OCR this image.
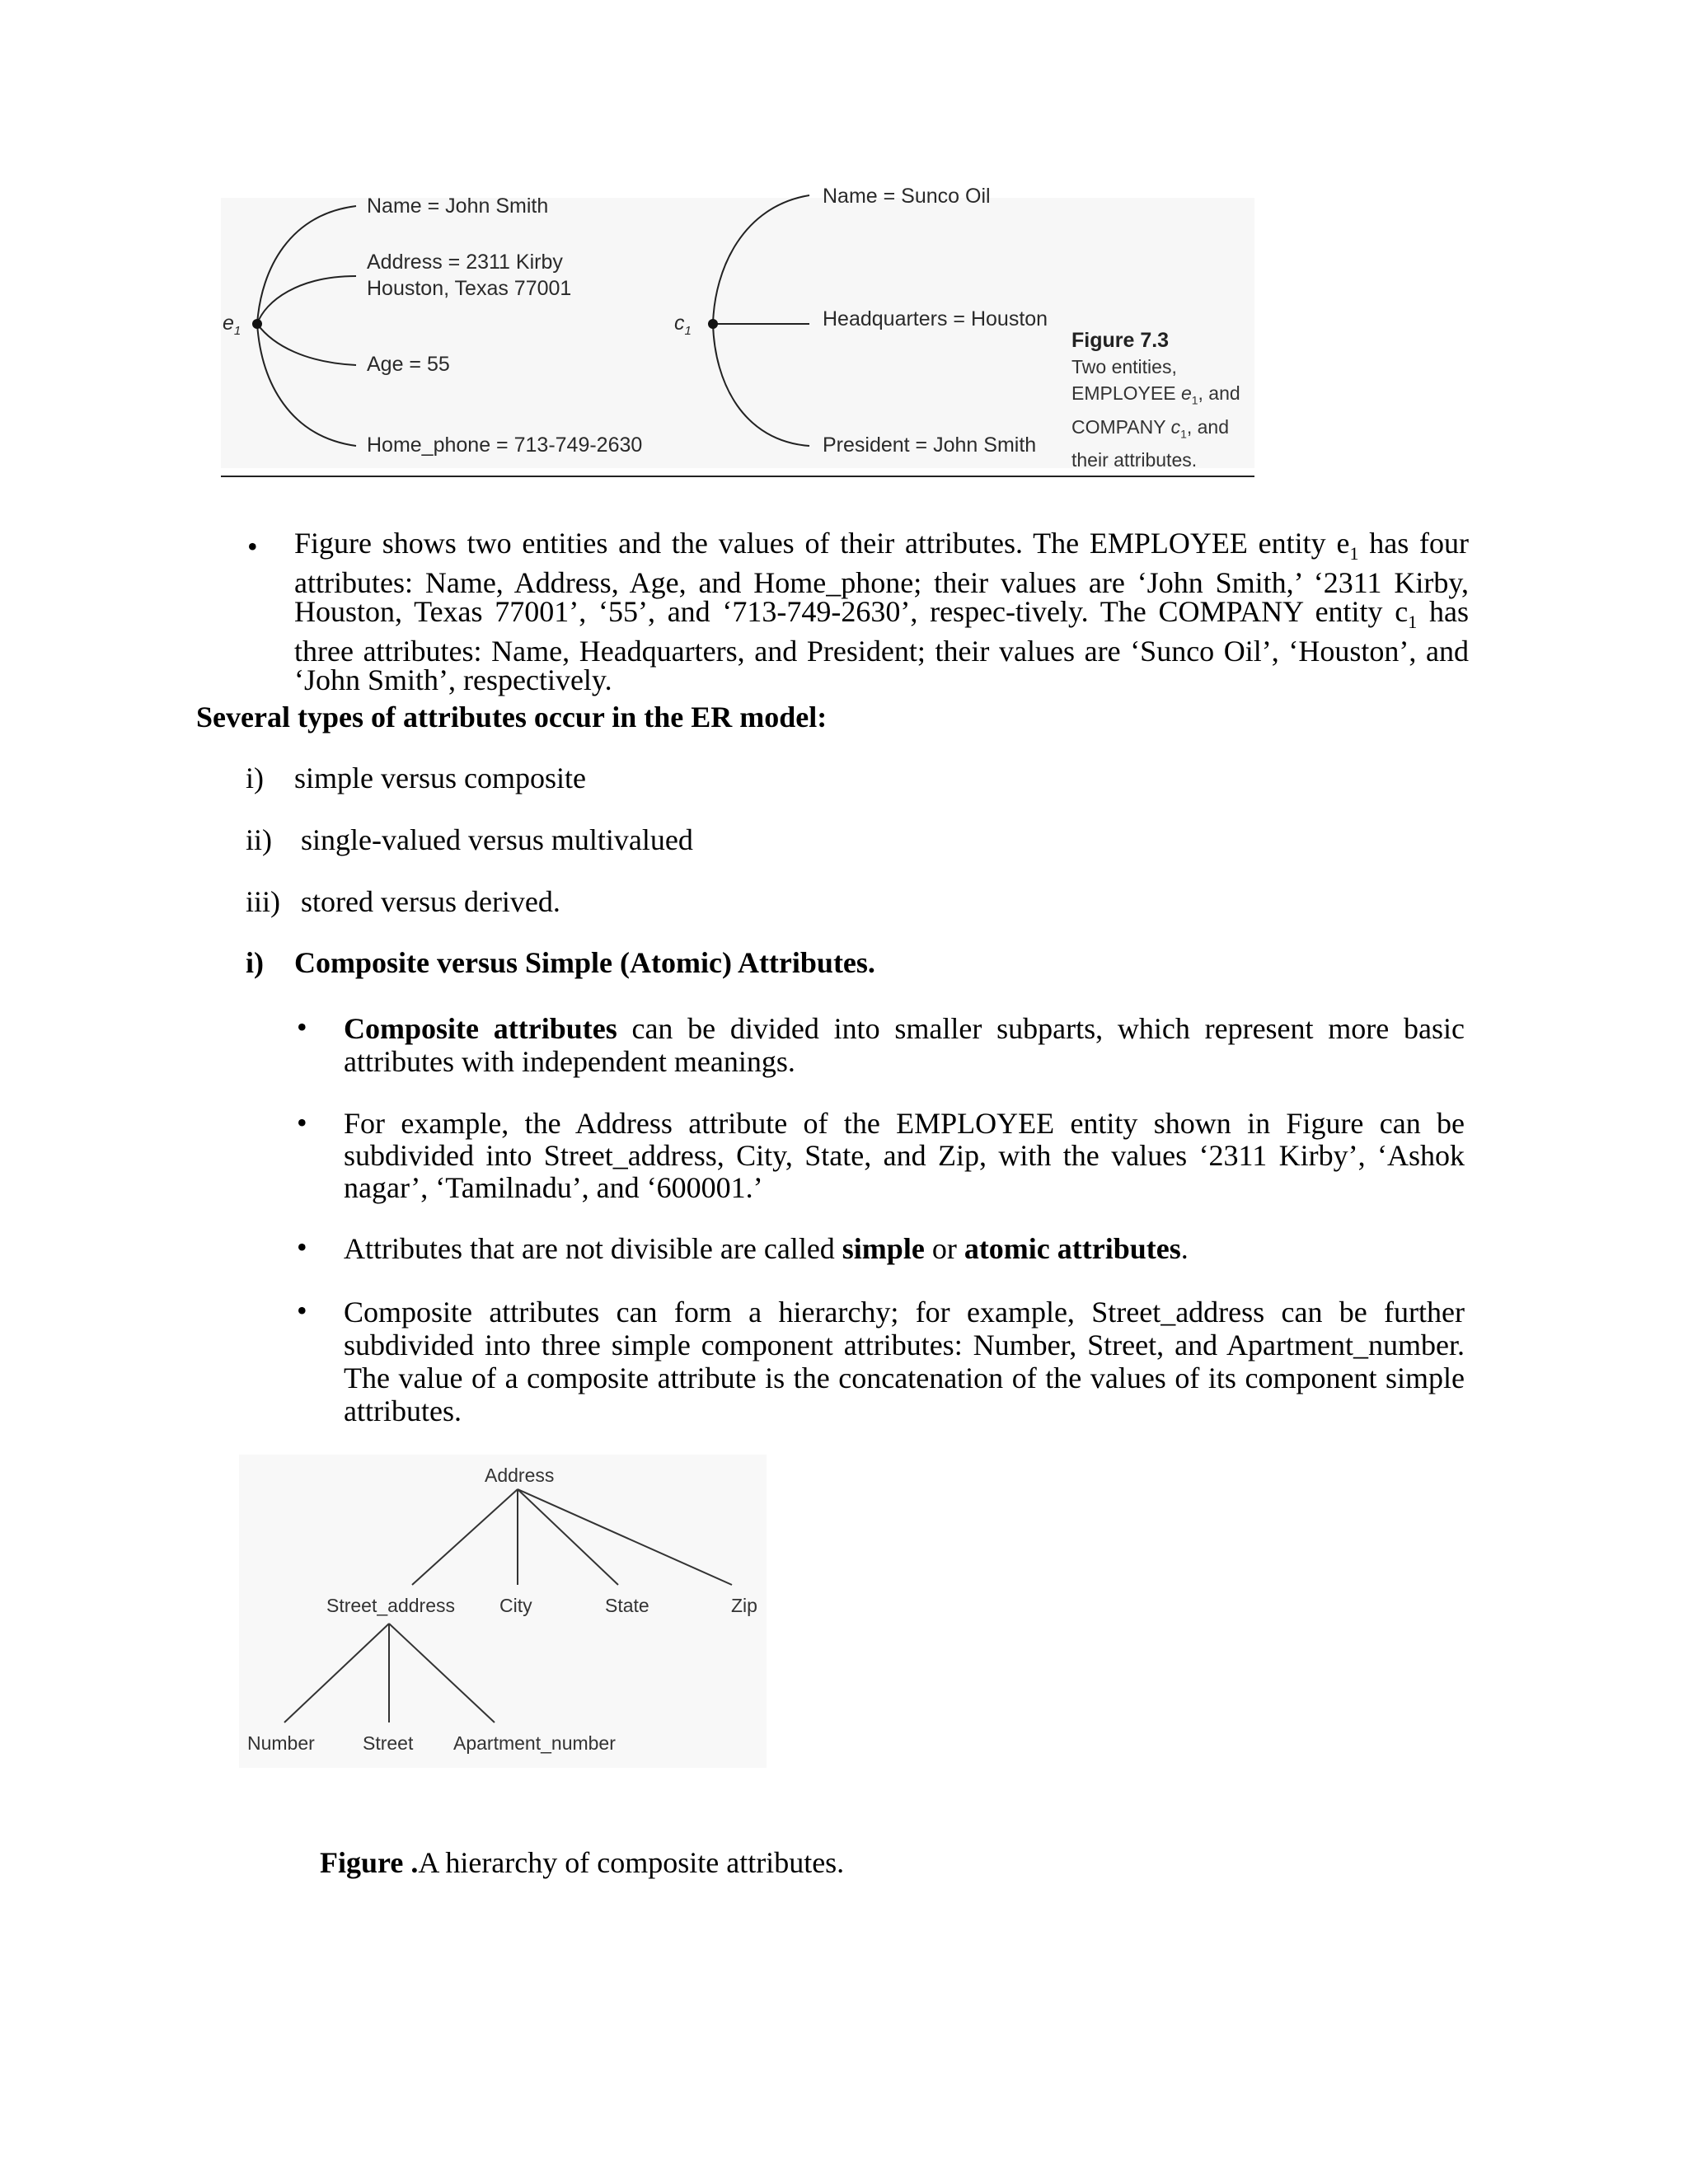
$e_1$
Name = John Smith
Address = 2311 Kirby
Houston, Texas 77001
Age = 55
Home_phone = 713-749-2630
$c_1$
Name = Sunco Oil
Headquarters = Houston
President = John Smith
Figure 7.3
Two entities,
EMPLOYEE $e_1$, and
COMPANY $c_1$, and
their attributes.
• Figure shows two entities and the values of their attributes. The EMPLOYEE entity $e_1$ has four attributes: Name, Address, Age, and Home_phone; their values are ‘John Smith,’ ‘2311 Kirby, Houston, Texas 77001’, ‘55’, and ‘713-749-2630’, respec-tively. The COMPANY entity $c_1$ has three attributes: Name, Headquarters, and President; their values are ‘Sunco Oil’, ‘Houston’, and ‘John Smith’, respectively.
Several types of attributes occur in the ER model:
i) simple versus composite
ii) single-valued versus multivalued
iii) stored versus derived.
i) Composite versus Simple (Atomic) Attributes.
• Composite attributes can be divided into smaller subparts, which represent more basic attributes with independent meanings.
• For example, the Address attribute of the EMPLOYEE entity shown in Figure can be subdivided into Street_address, City, State, and Zip, with the values ‘2311 Kirby’, ‘Ashok nagar’, ‘Tamilnadu’, and ‘600001.’
• Attributes that are not divisible are called simple or atomic attributes.
• Composite attributes can form a hierarchy; for example, Street_address can be further subdivided into three simple component attributes: Number, Street, and Apartment_number. The value of a composite attribute is the concatenation of the values of its component simple attributes.
Address
Street_address City	State	Zip
Number	Street Apartment_number
Figure .A hierarchy of composite attributes.
